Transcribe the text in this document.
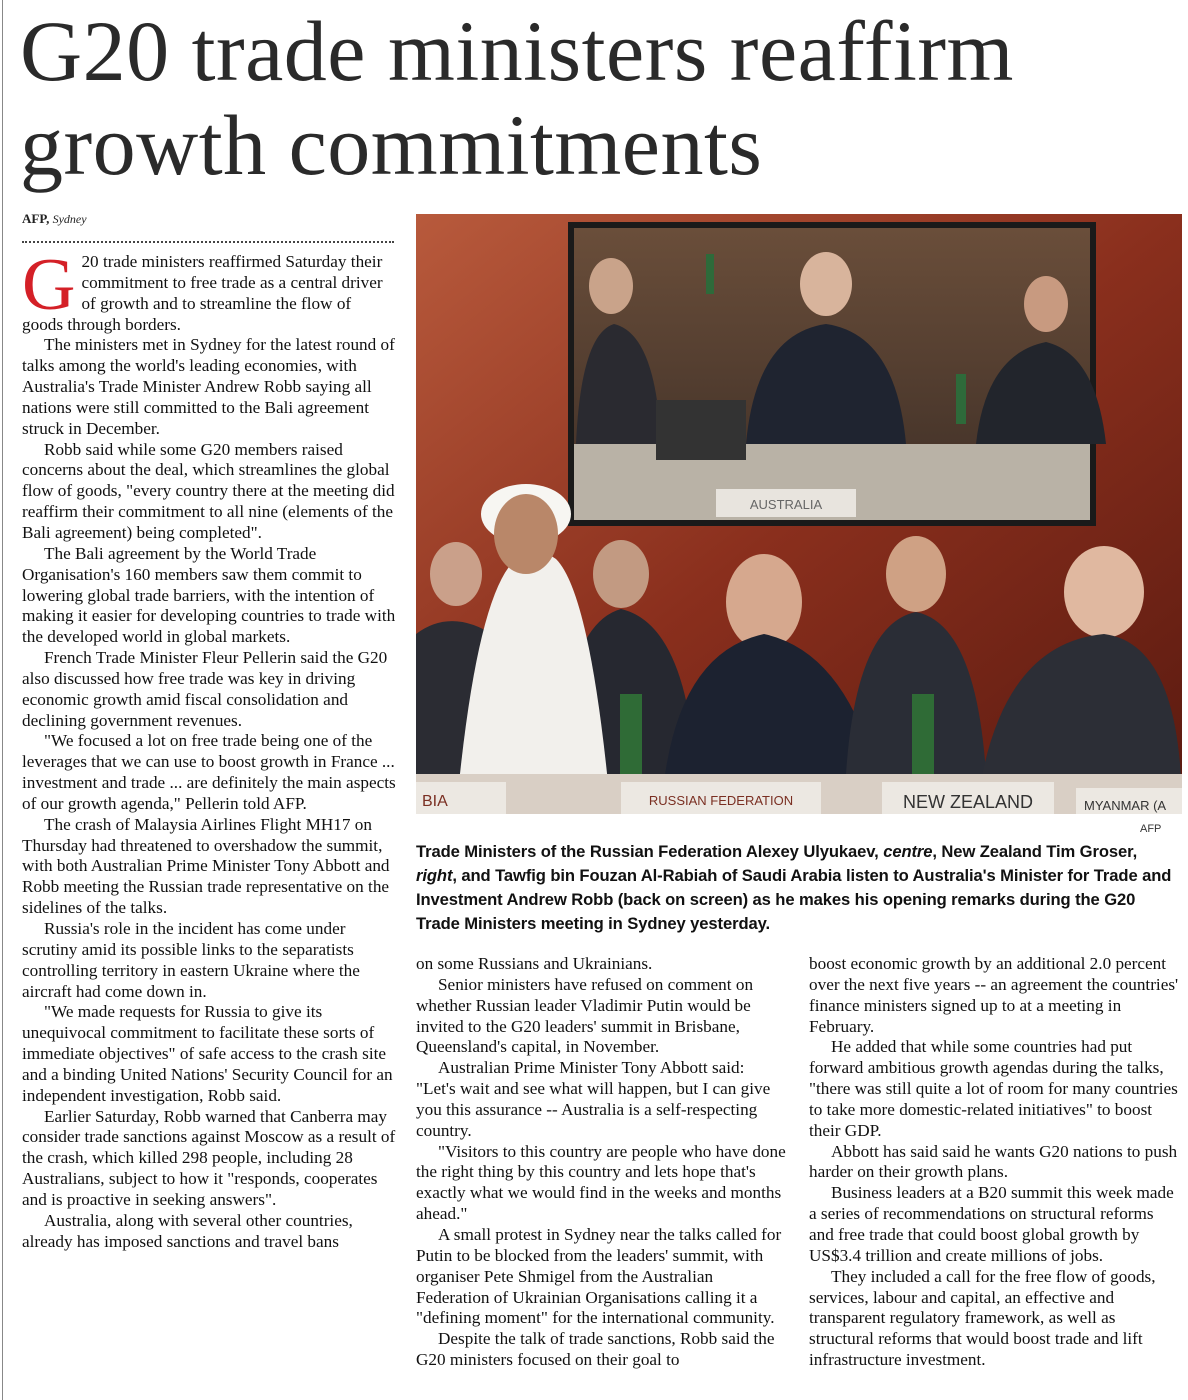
G20 trade ministers reaffirm growth commitments
AFP, Sydney

G 20 trade ministers reaffirmed Saturday their commitment to free trade as a central driver of growth and to streamline the flow of goods through borders.

The ministers met in Sydney for the latest round of talks among the world's leading economies, with Australia's Trade Minister Andrew Robb saying all nations were still committed to the Bali agreement struck in December.

Robb said while some G20 members raised concerns about the deal, which streamlines the global flow of goods, "every country there at the meeting did reaffirm their commitment to all nine (elements of the Bali agreement) being completed".

The Bali agreement by the World Trade Organisation's 160 members saw them commit to lowering global trade barriers, with the intention of making it easier for developing countries to trade with the developed world in global markets.

French Trade Minister Fleur Pellerin said the G20 also discussed how free trade was key in driving economic growth amid fiscal consolidation and declining government revenues.

"We focused a lot on free trade being one of the leverages that we can use to boost growth in France ... investment and trade ... are definitely the main aspects of our growth agenda," Pellerin told AFP.

The crash of Malaysia Airlines Flight MH17 on Thursday had threatened to overshadow the summit, with both Australian Prime Minister Tony Abbott and Robb meeting the Russian trade representative on the sidelines of the talks.

Russia's role in the incident has come under scrutiny amid its possible links to the separatists controlling territory in eastern Ukraine where the aircraft had come down in.

"We made requests for Russia to give its unequivocal commitment to facilitate these sorts of immediate objectives" of safe access to the crash site and a binding United Nations' Security Council for an independent investigation, Robb said.

Earlier Saturday, Robb warned that Canberra may consider trade sanctions against Moscow as a result of the crash, which killed 298 people, including 28 Australians, subject to how it "responds, cooperates and is proactive in seeking answers".

Australia, along with several other countries, already has imposed sanctions and travel bans

AUSTRALIA
BIA	RUSSIAN FEDERATION	NEW ZEALAND	MYANMAR (A
AFP

Trade Ministers of the Russian Federation Alexey Ulyukaev, centre, New Zealand Tim Groser, right, and Tawfig bin Fouzan Al-Rabiah of Saudi Arabia listen to Australia's Minister for Trade and Investment Andrew Robb (back on screen) as he makes his opening remarks during the G20 Trade Ministers meeting in Sydney yesterday.

on some Russians and Ukrainians.

Senior ministers have refused on comment on whether Russian leader Vladimir Putin would be invited to the G20 leaders' summit in Brisbane, Queensland's capital, in November.

Australian Prime Minister Tony Abbott said: "Let's wait and see what will happen, but I can give you this assurance -- Australia is a self-respecting country.

"Visitors to this country are people who have done the right thing by this country and lets hope that's exactly what we would find in the weeks and months ahead."

A small protest in Sydney near the talks called for Putin to be blocked from the leaders' summit, with organiser Pete Shmigel from the Australian Federation of Ukrainian Organisations calling it a "defining moment" for the international community.

Despite the talk of trade sanctions, Robb said the G20 ministers focused on their goal to

boost economic growth by an additional 2.0 percent over the next five years -- an agreement the countries' finance ministers signed up to at a meeting in February.

He added that while some countries had put forward ambitious growth agendas during the talks, "there was still quite a lot of room for many countries to take more domestic-related initiatives" to boost their GDP.

Abbott has said said he wants G20 nations to push harder on their growth plans.

Business leaders at a B20 summit this week made a series of recommendations on structural reforms and free trade that could boost global growth by US$3.4 trillion and create millions of jobs.

They included a call for the free flow of goods, services, labour and capital, an effective and transparent regulatory framework, as well as structural reforms that would boost trade and lift infrastructure investment.
